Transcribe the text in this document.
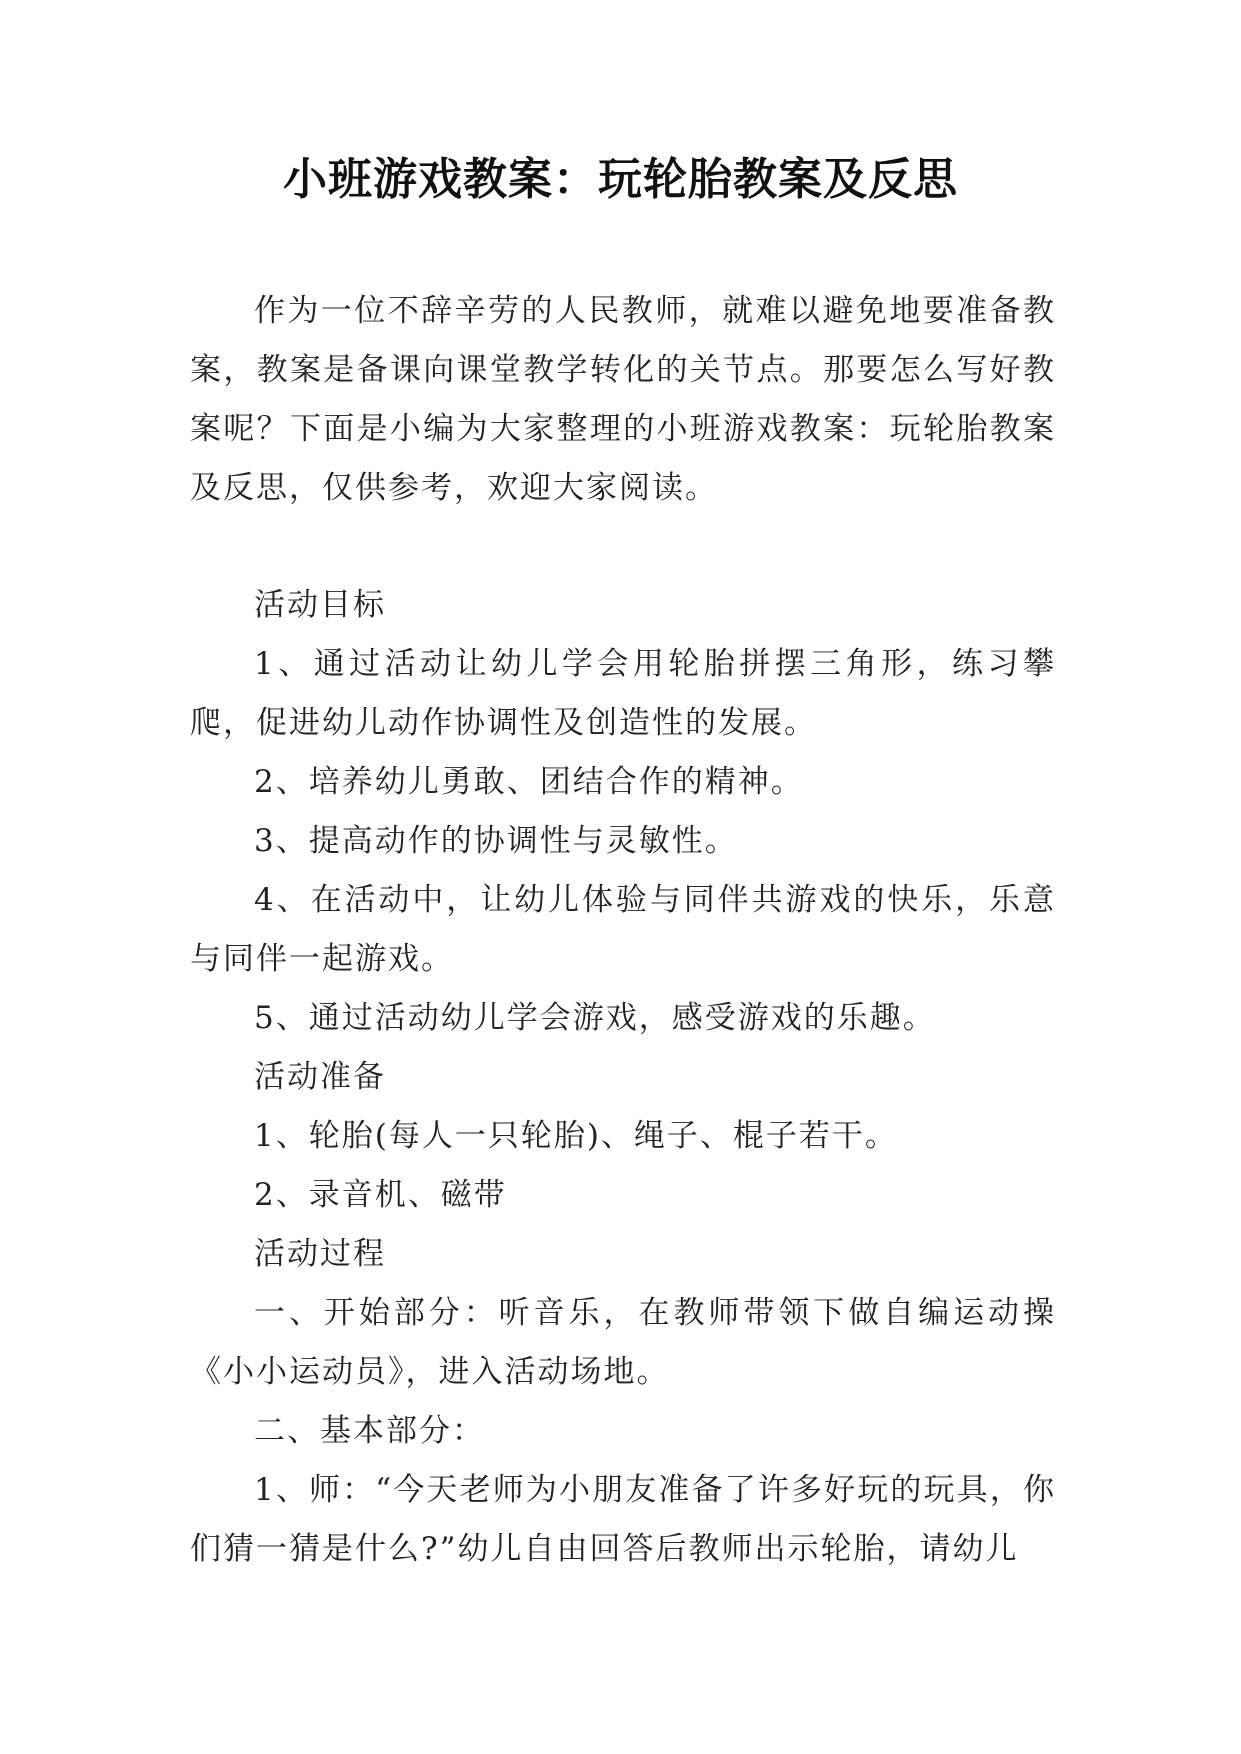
小班游戏教案：玩轮胎教案及反思

作为一位不辞辛劳的人民教师，就难以避免地要准备教案，教案是备课向课堂教学转化的关节点。那要怎么写好教案呢？下面是小编为大家整理的小班游戏教案：玩轮胎教案及反思，仅供参考，欢迎大家阅读。

活动目标

1、通过活动让幼儿学会用轮胎拼摆三角形，练习攀爬，促进幼儿动作协调性及创造性的发展。

2、培养幼儿勇敢、团结合作的精神。

3、提高动作的协调性与灵敏性。

4、在活动中，让幼儿体验与同伴共游戏的快乐，乐意与同伴一起游戏。

5、通过活动幼儿学会游戏，感受游戏的乐趣。

活动准备

1、轮胎(每人一只轮胎)、绳子、棍子若干。

2、录音机、磁带

活动过程

一、开始部分：听音乐，在教师带领下做自编运动操《小小运动员》，进入活动场地。

二、基本部分：

1、师：“今天老师为小朋友准备了许多好玩的玩具，你们猜一猜是什么?”幼儿自由回答后教师出示轮胎，请幼儿
